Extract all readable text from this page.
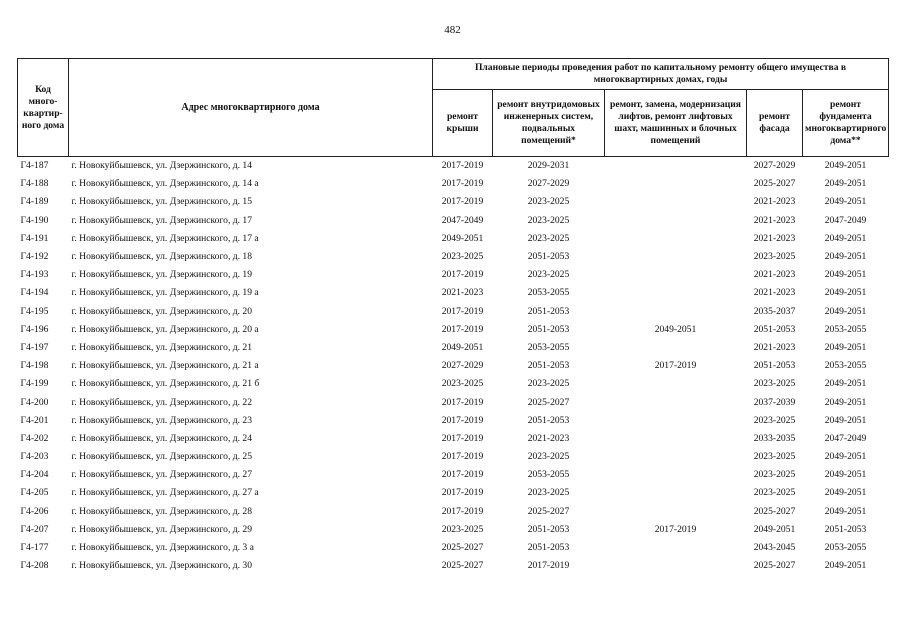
482
Код много-квартир-ного дома	Адрес многоквартирного дома	Плановые периоды проведения работ по капитальному ремонту общего имущества в многоквартирных домах, годы				
		ремонт крыши	ремонт внутридомовых инженерных систем, подвальных помещений*	ремонт, замена, модернизация лифтов, ремонт лифтовых шахт, машинных и блочных помещений	ремонт фасада	ремонт фундамента многоквартирного дома**
Г4-187	г. Новокуйбышевск, ул. Дзержинского, д. 14	2017-2019	2029-2031		2027-2029	2049-2051
Г4-188	г. Новокуйбышевск, ул. Дзержинского, д. 14 а	2017-2019	2027-2029		2025-2027	2049-2051
Г4-189	г. Новокуйбышевск, ул. Дзержинского, д. 15	2017-2019	2023-2025		2021-2023	2049-2051
Г4-190	г. Новокуйбышевск, ул. Дзержинского, д. 17	2047-2049	2023-2025		2021-2023	2047-2049
Г4-191	г. Новокуйбышевск, ул. Дзержинского, д. 17 а	2049-2051	2023-2025		2021-2023	2049-2051
Г4-192	г. Новокуйбышевск, ул. Дзержинского, д. 18	2023-2025	2051-2053		2023-2025	2049-2051
Г4-193	г. Новокуйбышевск, ул. Дзержинского, д. 19	2017-2019	2023-2025		2021-2023	2049-2051
Г4-194	г. Новокуйбышевск, ул. Дзержинского, д. 19 а	2021-2023	2053-2055		2021-2023	2049-2051
Г4-195	г. Новокуйбышевск, ул. Дзержинского, д. 20	2017-2019	2051-2053		2035-2037	2049-2051
Г4-196	г. Новокуйбышевск, ул. Дзержинского, д. 20 а	2017-2019	2051-2053	2049-2051	2051-2053	2053-2055
Г4-197	г. Новокуйбышевск, ул. Дзержинского, д. 21	2049-2051	2053-2055		2021-2023	2049-2051
Г4-198	г. Новокуйбышевск, ул. Дзержинского, д. 21 а	2027-2029	2051-2053	2017-2019	2051-2053	2053-2055
Г4-199	г. Новокуйбышевск, ул. Дзержинского, д. 21 б	2023-2025	2023-2025		2023-2025	2049-2051
Г4-200	г. Новокуйбышевск, ул. Дзержинского, д. 22	2017-2019	2025-2027		2037-2039	2049-2051
Г4-201	г. Новокуйбышевск, ул. Дзержинского, д. 23	2017-2019	2051-2053		2023-2025	2049-2051
Г4-202	г. Новокуйбышевск, ул. Дзержинского, д. 24	2017-2019	2021-2023		2033-2035	2047-2049
Г4-203	г. Новокуйбышевск, ул. Дзержинского, д. 25	2017-2019	2023-2025		2023-2025	2049-2051
Г4-204	г. Новокуйбышевск, ул. Дзержинского, д. 27	2017-2019	2053-2055		2023-2025	2049-2051
Г4-205	г. Новокуйбышевск, ул. Дзержинского, д. 27 а	2017-2019	2023-2025		2023-2025	2049-2051
Г4-206	г. Новокуйбышевск, ул. Дзержинского, д. 28	2017-2019	2025-2027		2025-2027	2049-2051
Г4-207	г. Новокуйбышевск, ул. Дзержинского, д. 29	2023-2025	2051-2053	2017-2019	2049-2051	2051-2053
Г4-177	г. Новокуйбышевск, ул. Дзержинского, д. 3 а	2025-2027	2051-2053		2043-2045	2053-2055
Г4-208	г. Новокуйбышевск, ул. Дзержинского, д. 30	2025-2027	2017-2019		2025-2027	2049-2051
